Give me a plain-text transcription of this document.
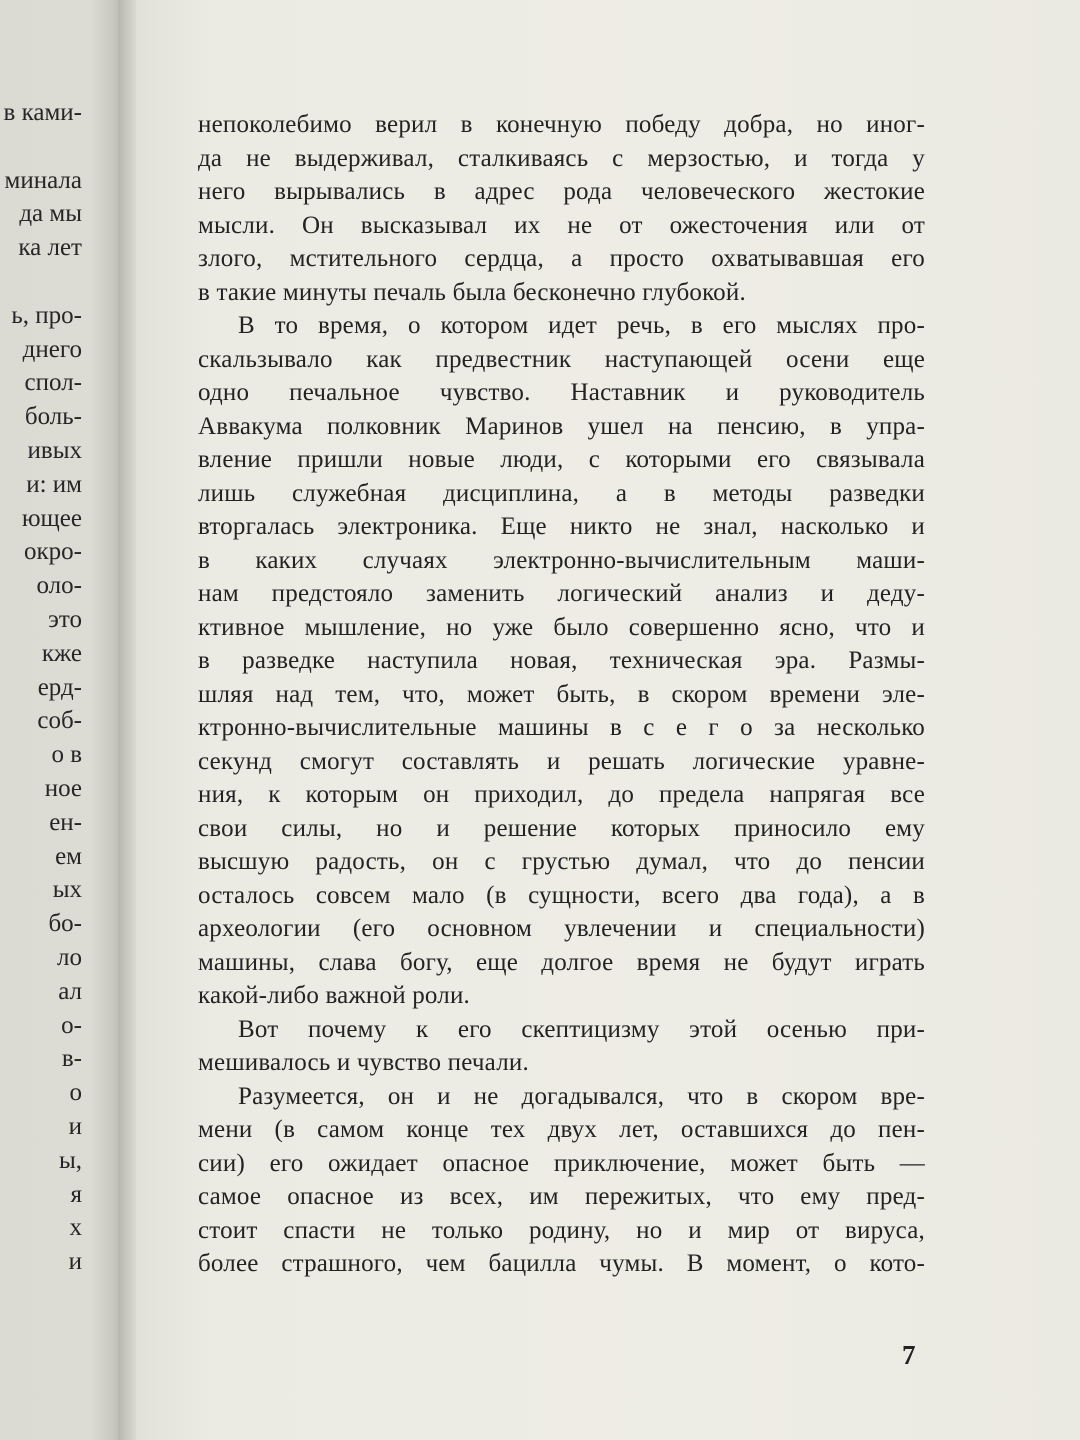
в ками-
минала
да мы
ка лет
ь, про-
днего
спол-
боль-
ивых
и: им
ющее
окро-
оло-
это
кже
ерд-
соб-
о в
ное
ен-
ем
ых
бо-
ло
ал
о-
в-
о
и
ы,
я
х
и
непоколебимо верил в конечную победу добра, но иног-
да не выдерживал, сталкиваясь с мерзостью, и тогда у
него вырывались в адрес рода человеческого жестокие
мысли. Он высказывал их не от ожесточения или от
злого, мстительного сердца, а просто охватывавшая его
в такие минуты печаль была бесконечно глубокой.
В то время, о котором идет речь, в его мыслях про-
скальзывало как предвестник наступающей осени еще
одно печальное чувство. Наставник и руководитель
Аввакума полковник Маринов ушел на пенсию, в упра-
вление пришли новые люди, с которыми его связывала
лишь служебная дисциплина, а в методы разведки
вторгалась электроника. Еще никто не знал, насколько и
в каких случаях электронно-вычислительным маши-
нам предстояло заменить логический анализ и деду-
ктивное мышление, но уже было совершенно ясно, что и
в разведке наступила новая, техническая эра. Размы-
шляя над тем, что, может быть, в скором времени эле-
ктронно-вычислительные машины в с е г о за несколько
секунд смогут составлять и решать логические уравне-
ния, к которым он приходил, до предела напрягая все
свои силы, но и решение которых приносило ему
высшую радость, он с грустью думал, что до пенсии
осталось совсем мало (в сущности, всего два года), а в
археологии (его основном увлечении и специальности)
машины, слава богу, еще долгое время не будут играть
какой-либо важной роли.
Вот почему к его скептицизму этой осенью при-
мешивалось и чувство печали.
Разумеется, он и не догадывался, что в скором вре-
мени (в самом конце тех двух лет, оставшихся до пен-
сии) его ожидает опасное приключение, может быть —
самое опасное из всех, им пережитых, что ему пред-
стоит спасти не только родину, но и мир от вируса,
более страшного, чем бацилла чумы. В момент, о кото-
7
